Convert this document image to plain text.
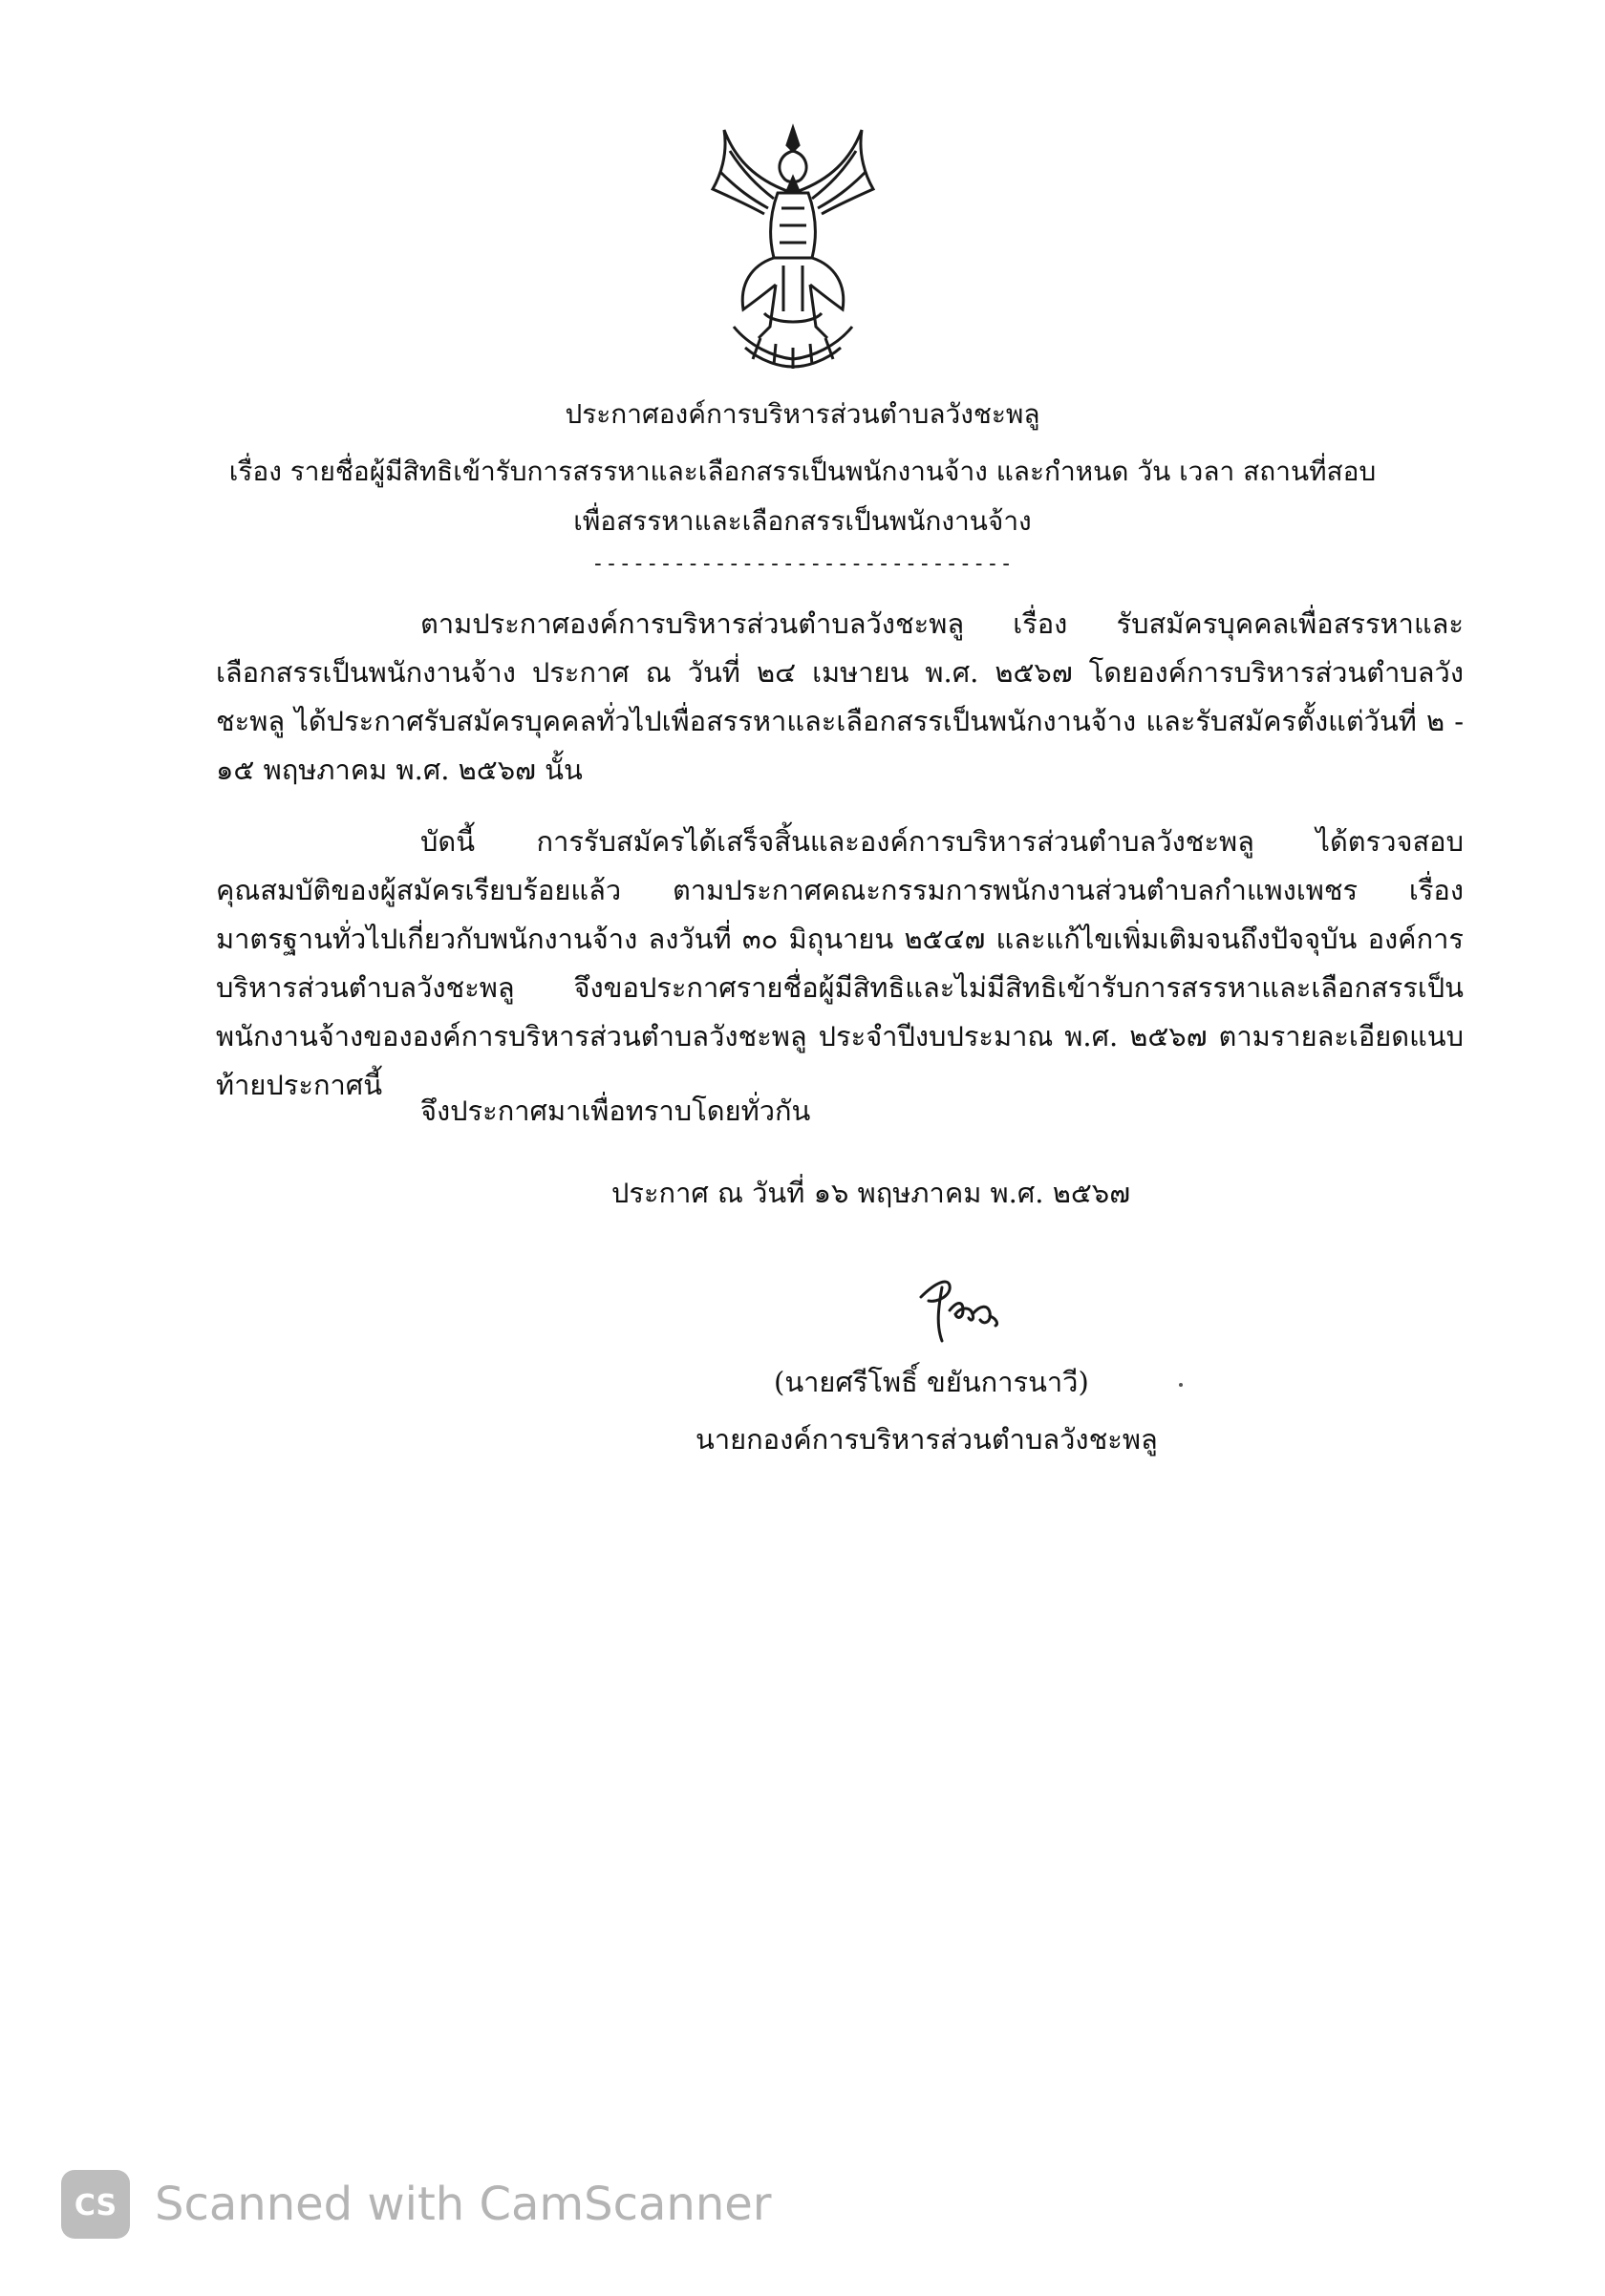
ประกาศองค์การบริหารส่วนตำบลวังชะพลู
เรื่อง รายชื่อผู้มีสิทธิเข้ารับการสรรหาและเลือกสรรเป็นพนักงานจ้าง และกำหนด วัน เวลา สถานที่สอบ
เพื่อสรรหาและเลือกสรรเป็นพนักงานจ้าง
-------------------------------

ตามประกาศองค์การบริหารส่วนตำบลวังชะพลู เรื่อง รับสมัครบุคคลเพื่อสรรหาและเลือกสรรเป็นพนักงานจ้าง ประกาศ ณ วันที่ ๒๔ เมษายน พ.ศ. ๒๕๖๗ โดยองค์การบริหารส่วนตำบลวังชะพลู ได้ประกาศรับสมัครบุคคลทั่วไปเพื่อสรรหาและเลือกสรรเป็นพนักงานจ้าง และรับสมัครตั้งแต่วันที่ ๒ - ๑๕ พฤษภาคม พ.ศ. ๒๕๖๗ นั้น

บัดนี้ การรับสมัครได้เสร็จสิ้นและองค์การบริหารส่วนตำบลวังชะพลู ได้ตรวจสอบคุณสมบัติของผู้สมัครเรียบร้อยแล้ว ตามประกาศคณะกรรมการพนักงานส่วนตำบลกำแพงเพชร เรื่อง มาตรฐานทั่วไปเกี่ยวกับพนักงานจ้าง ลงวันที่ ๓๐ มิถุนายน ๒๕๔๗ และแก้ไขเพิ่มเติมจนถึงปัจจุบัน องค์การบริหารส่วนตำบลวังชะพลู จึงขอประกาศรายชื่อผู้มีสิทธิและไม่มีสิทธิเข้ารับการสรรหาและเลือกสรรเป็นพนักงานจ้างขององค์การบริหารส่วนตำบลวังชะพลู ประจำปีงบประมาณ พ.ศ. ๒๕๖๗ ตามรายละเอียดแนบท้ายประกาศนี้

จึงประกาศมาเพื่อทราบโดยทั่วกัน
ประกาศ ณ วันที่ ๑๖ พฤษภาคม พ.ศ. ๒๕๖๗
(นายศรีโพธิ์ ขยันการนาวี)
นายกองค์การบริหารส่วนตำบลวังชะพลู
CS Scanned with CamScanner
